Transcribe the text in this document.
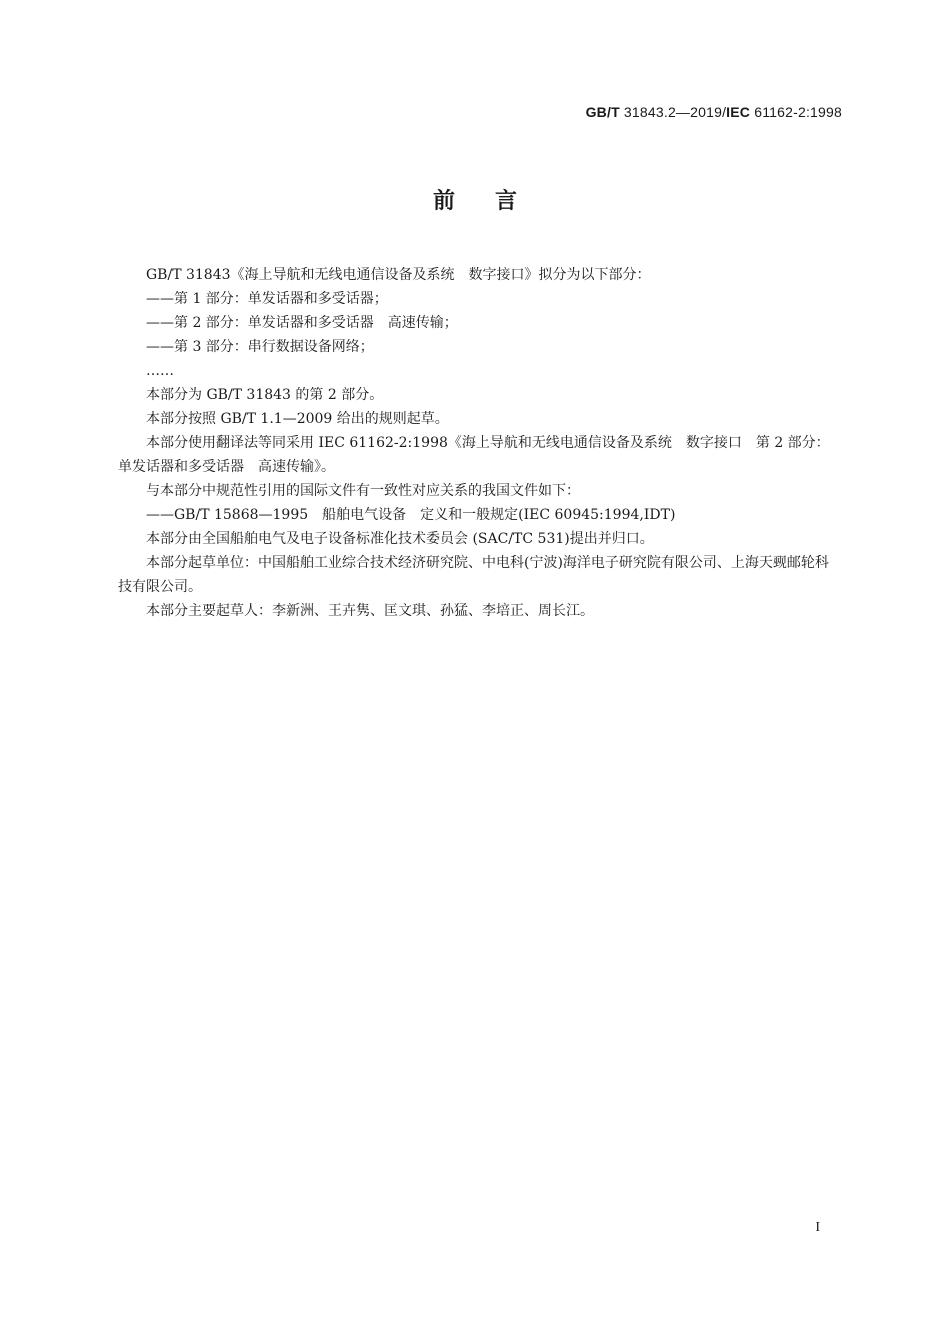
GB/T 31843.2—2019/IEC 61162-2:1998
前言

GB/T 31843《海上导航和无线电通信设备及系统　数字接口》拟分为以下部分：

——第 1 部分：单发话器和多受话器；

——第 2 部分：单发话器和多受话器　高速传输；

——第 3 部分：串行数据设备网络；

……

本部分为 GB/T 31843 的第 2 部分。

本部分按照 GB/T 1.1—2009 给出的规则起草。

本部分使用翻译法等同采用 IEC 61162-2:1998《海上导航和无线电通信设备及系统　数字接口　第 2 部分：单发话器和多受话器　高速传输》。

与本部分中规范性引用的国际文件有一致性对应关系的我国文件如下：

——GB/T 15868—1995　船舶电气设备　定义和一般规定(IEC 60945:1994,IDT)

本部分由全国船舶电气及电子设备标准化技术委员会 (SAC/TC 531)提出并归口。

本部分起草单位：中国船舶工业综合技术经济研究院、中电科(宁波)海洋电子研究院有限公司、上海天觋邮轮科技有限公司。

本部分主要起草人：李新洲、王卉隽、匡文琪、孙猛、李培正、周长江。

I
